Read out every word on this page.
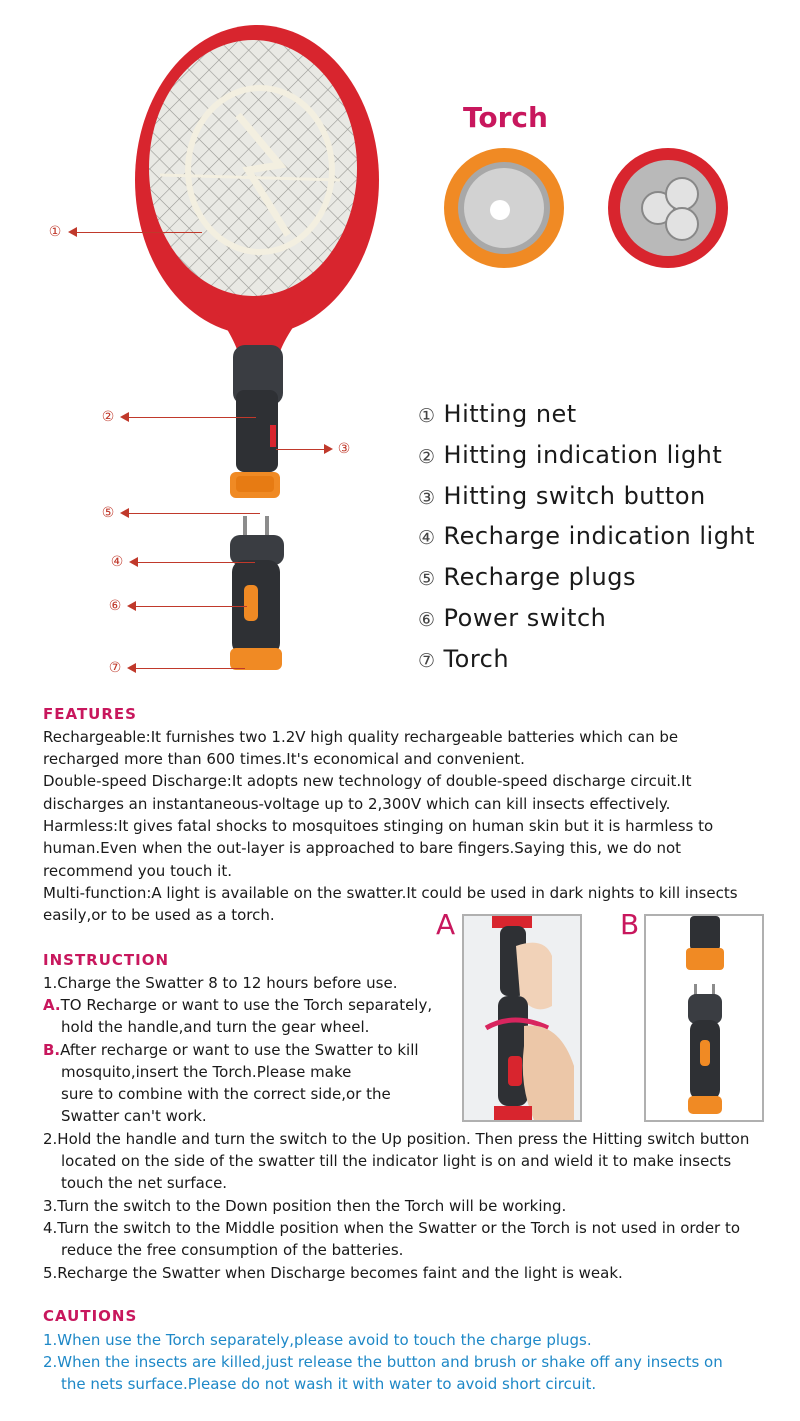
①
②
③
⑤
④
⑥
⑦
Torch
① Hitting net
② Hitting indication light
③ Hitting switch button
④ Recharge indication light
⑤ Recharge plugs
⑥ Power switch
⑦ Torch
FEATURES
Rechargeable:It furnishes two 1.2V high quality rechargeable batteries which can be
recharged more than 600 times.It's economical and convenient.
Double-speed Discharge:It adopts new technology of double-speed discharge circuit.It
discharges an instantaneous-voltage up to 2,300V which can kill insects effectively.
Harmless:It gives fatal shocks to mosquitoes stinging on human skin but it is harmless to
human.Even when the out-layer is approached to bare fingers.Saying this, we do not
recommend you touch it.
Multi-function:A light is available on the swatter.It could be used in dark nights to kill insects
easily,or to be used as a torch.	A	B
INSTRUCTION
1.Charge the Swatter 8 to 12 hours before use.
A.TO Recharge or want to use the Torch separately,
hold the handle,and turn the gear wheel.
B.After recharge or want to use the Swatter to kill
mosquito,insert the Torch.Please make
sure to combine with the correct side,or the
Swatter can't work.
2.Hold the handle and turn the switch to the Up position. Then press the Hitting switch button
located on the side of the swatter till the indicator light is on and wield it to make insects
touch the net surface.
3.Turn the switch to the Down position then the Torch will be working.
4.Turn the switch to the Middle position when the Swatter or the Torch is not used in order to
reduce the free consumption of the batteries.
5.Recharge the Swatter when Discharge becomes faint and the light is weak.
CAUTIONS
1.When use the Torch separately,please avoid to touch the charge plugs.
2.When the insects are killed,just release the button and brush or shake off any insects on
the nets surface.Please do not wash it with water to avoid short circuit.
